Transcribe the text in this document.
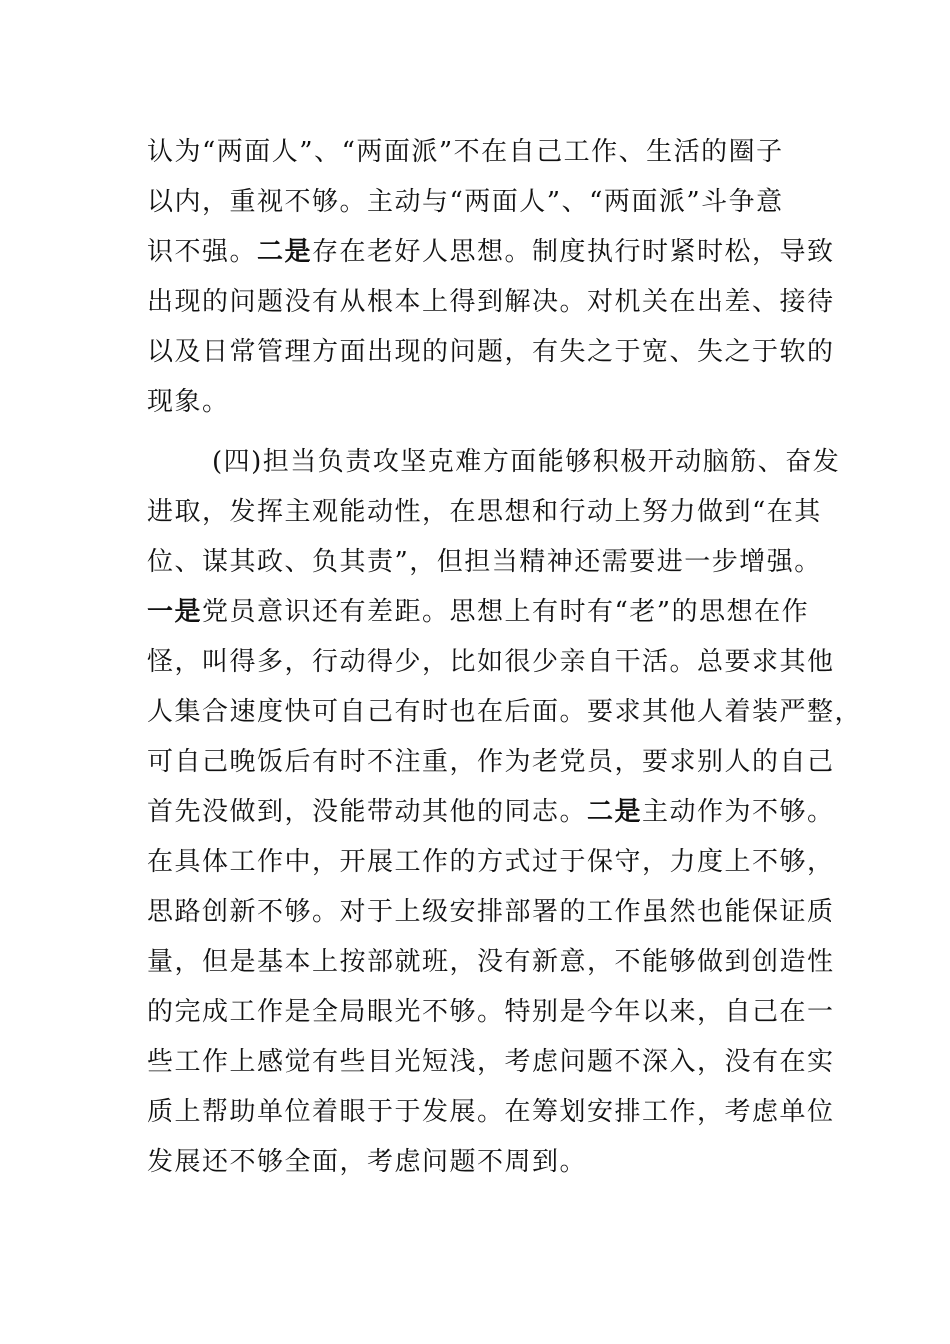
认为“两面人”、“两面派”不在自己工作、生活的圈子
以内，重视不够。主动与“两面人”、“两面派”斗争意
识不强。二是存在老好人思想。制度执行时紧时松，导致
出现的问题没有从根本上得到解决。对机关在出差、接待
以及日常管理方面出现的问题，有失之于宽、失之于软的
现象。
(四)担当负责攻坚克难方面能够积极开动脑筋、奋发
进取，发挥主观能动性，在思想和行动上努力做到“在其
位、谋其政、负其责”，但担当精神还需要进一步增强。
一是党员意识还有差距。思想上有时有“老”的思想在作
怪，叫得多，行动得少，比如很少亲自干活。总要求其他
人集合速度快可自己有时也在后面。要求其他人着装严整，
可自己晚饭后有时不注重，作为老党员，要求别人的自己
首先没做到，没能带动其他的同志。二是主动作为不够。
在具体工作中，开展工作的方式过于保守，力度上不够，
思路创新不够。对于上级安排部署的工作虽然也能保证质
量，但是基本上按部就班，没有新意，不能够做到创造性
的完成工作是全局眼光不够。特别是今年以来，自己在一
些工作上感觉有些目光短浅，考虑问题不深入，没有在实
质上帮助单位着眼于于发展。在筹划安排工作，考虑单位
发展还不够全面，考虑问题不周到。
